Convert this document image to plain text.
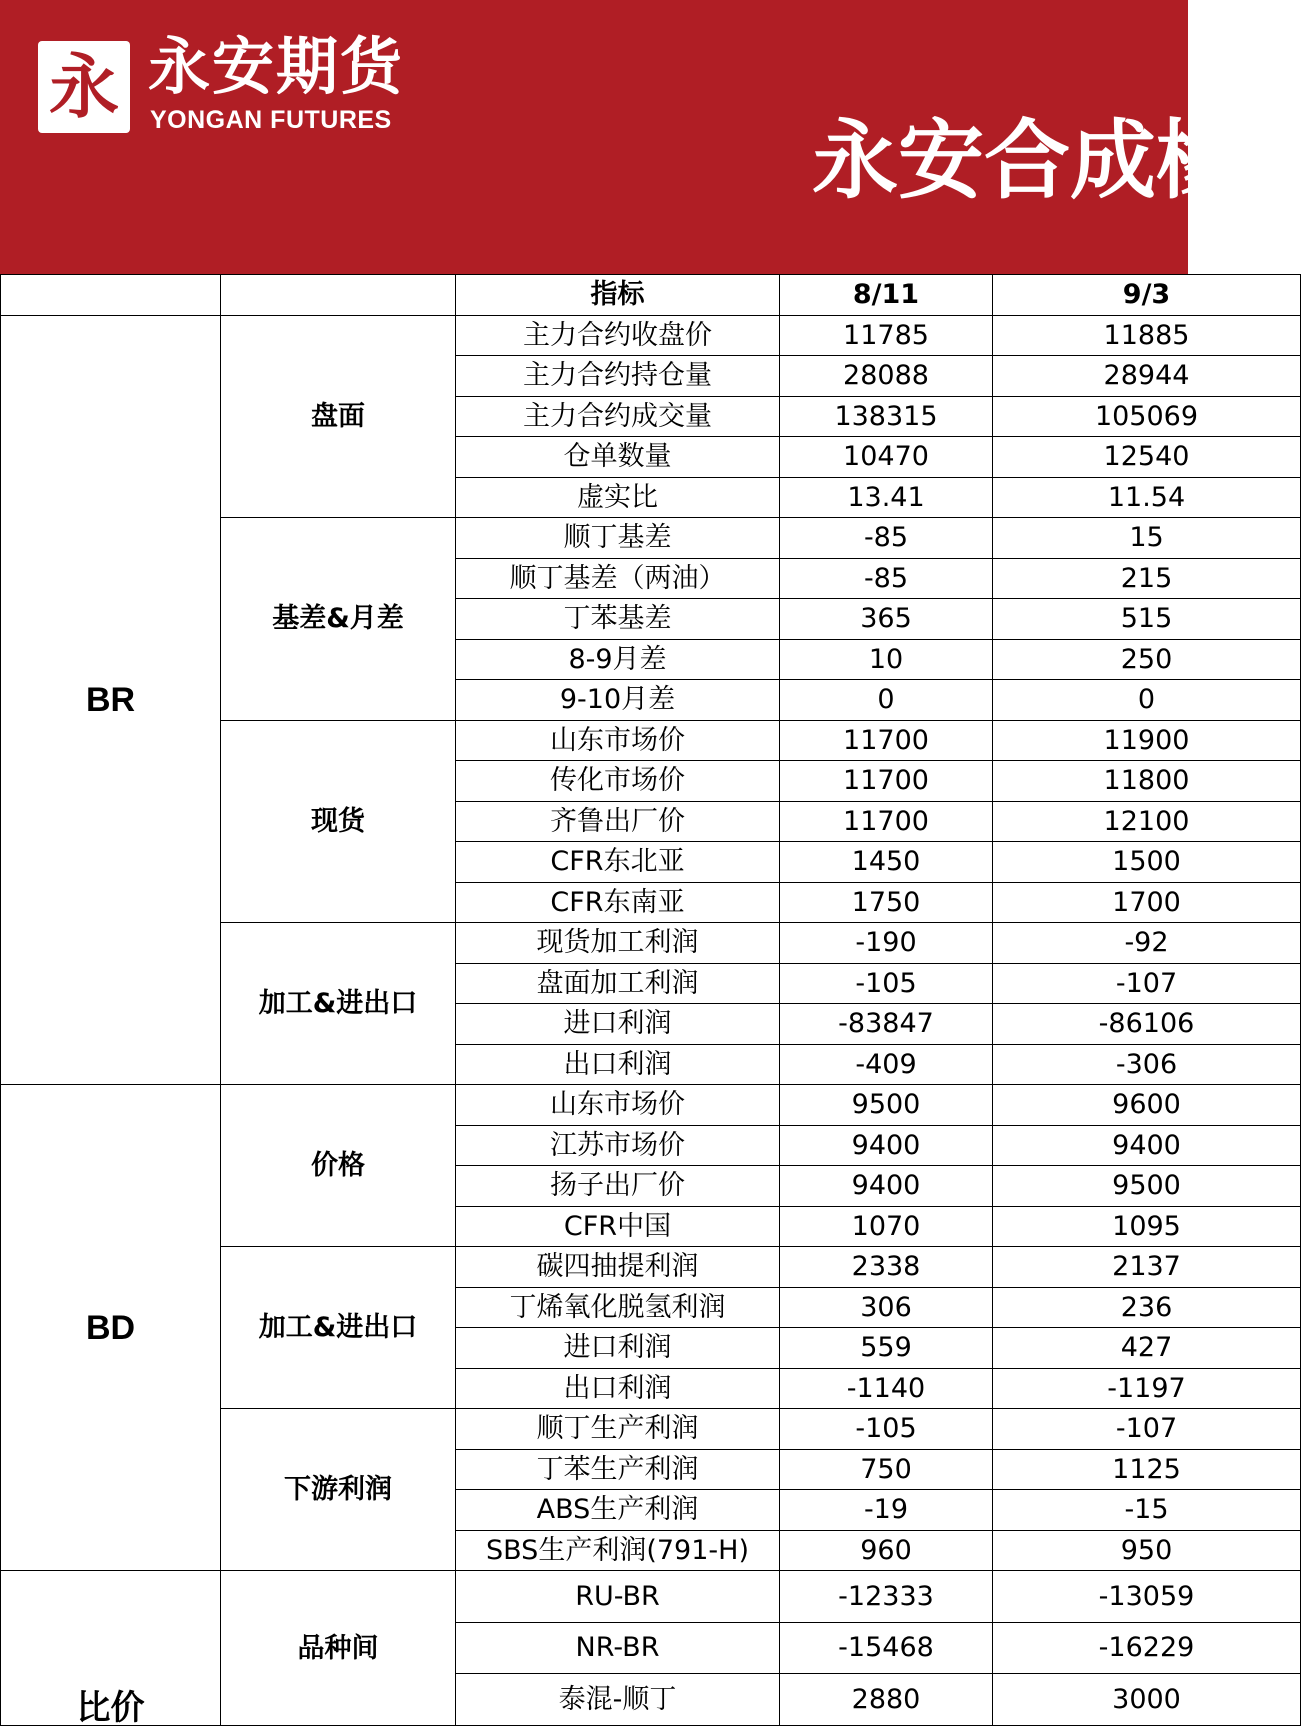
永 永安期货
YONGAN FUTURES	永安合成橡
		指标	8/11	9/3
BR	盘面	主力合约收盘价	11785	11885
		主力合约持仓量	28088	28944
		主力合约成交量	138315	105069
		仓单数量	10470	12540
		虚实比	13.41	11.54
	基差&月差	顺丁基差	-85	15
		顺丁基差（两油）	-85	215
		丁苯基差	365	515
		8-9月差	10	250
		9-10月差	0	0
	现货	山东市场价	11700	11900
		传化市场价	11700	11800
		齐鲁出厂价	11700	12100
		CFR东北亚	1450	1500
		CFR东南亚	1750	1700
	加工&进出口	现货加工利润	-190	-92
		盘面加工利润	-105	-107
		进口利润	-83847	-86106
		出口利润	-409	-306
BD	价格	山东市场价	9500	9600
		江苏市场价	9400	9400
		扬子出厂价	9400	9500
		CFR中国	1070	1095
	加工&进出口	碳四抽提利润	2338	2137
		丁烯氧化脱氢利润	306	236
		进口利润	559	427
		出口利润	-1140	-1197
	下游利润	顺丁生产利润	-105	-107
		丁苯生产利润	750	1125
		ABS生产利润	-19	-15
		SBS生产利润(791-H)	960	950

比价	品种间	RU-BR	-12333	-13059
		NR-BR	-15468	-16229
		泰混-顺丁	2880	3000
